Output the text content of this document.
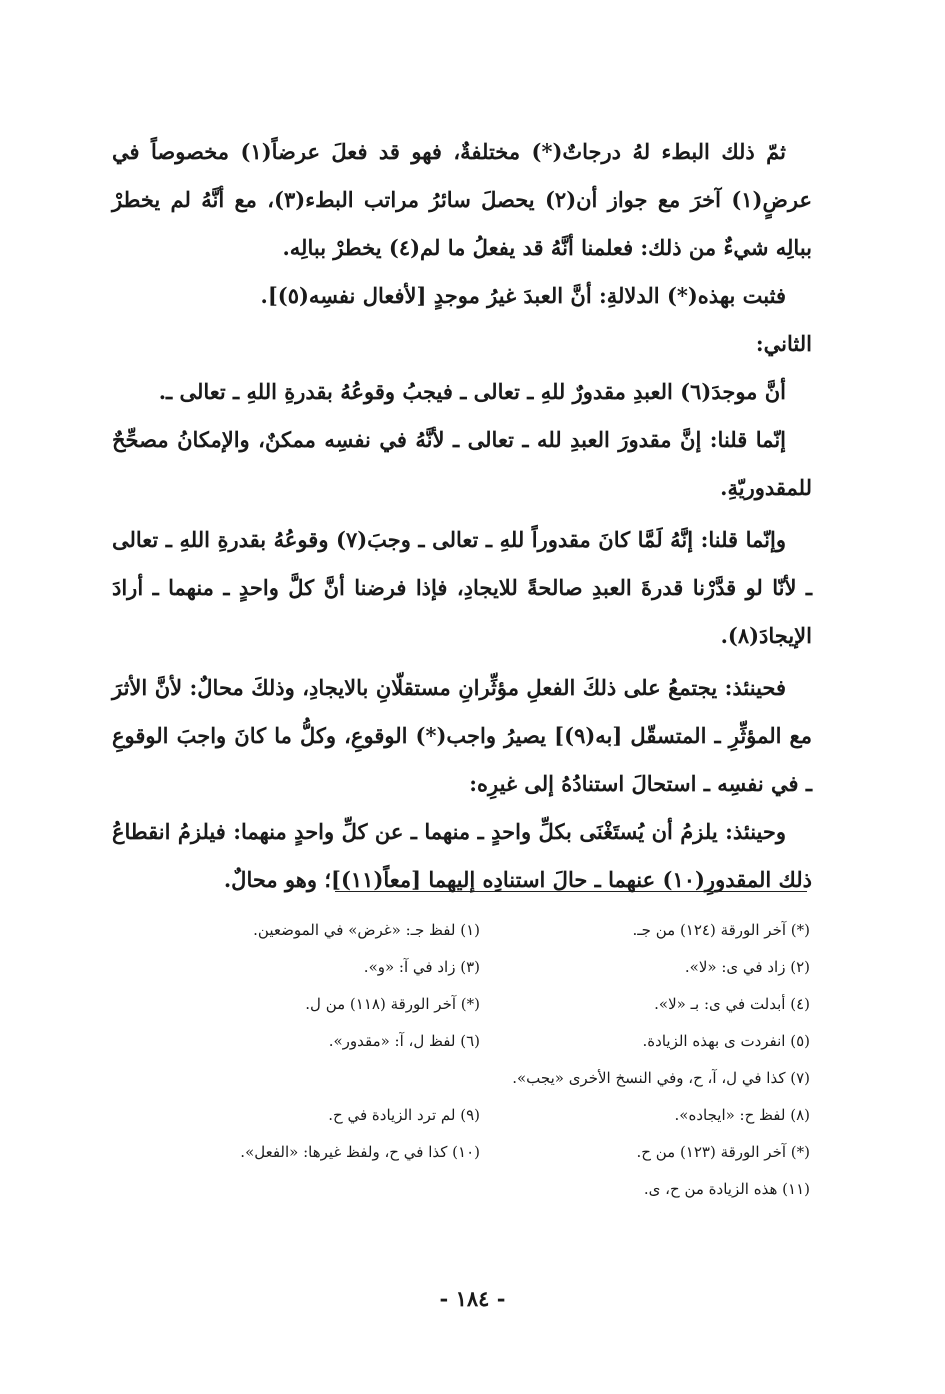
ثمّ ذلك البطء لهُ درجاتٌ(*) مختلفةٌ، فهو قد فعلَ عرضاً(١) مخصوصاً في عرضٍ(١) آخرَ مع جواز أن(٢) يحصلَ سائرُ مراتب البطء(٣)، مع أنَّهُ لم يخطرْ ببالِه شيءٌ من ذلك: فعلمنا أنَّهُ قد يفعلُ ما لم(٤) يخطرْ ببالِه.

فثبت بهذه(*) الدلالةِ: أنَّ العبدَ غيرُ موجدٍ [لأفعال نفسِه(٥)].

الثاني:

أنَّ موجدَ(٦) العبدِ مقدورٌ للهِ ـ تعالى ـ فيجبُ وقوعُهُ بقدرةِ اللهِ ـ تعالى ـ.

إنّما قلنا: إنَّ مقدورَ العبدِ لله ـ تعالى ـ لأنَّهُ في نفسِه ممكنٌ، والإمكانُ مصحِّحٌ للمقدوريّةِ.

وإنّما قلنا: إنَّهُ لَمَّا كانَ مقدوراً للهِ ـ تعالى ـ وجبَ(٧) وقوعُهُ بقدرةِ اللهِ ـ تعالى ـ لأنّا لو قدَّرْنا قدرةَ العبدِ صالحةً للايجادِ، فإذا فرضنا أنَّ كلَّ واحدٍ ـ منهما ـ أرادَ الإيجادَ(٨).

فحينئذ: يجتمعُ على ذلكَ الفعلِ مؤثِّرانِ مستقلّانِ بالايجادِ، وذلكَ محالٌ: لأنَّ الأثرَ مع المؤثِّرِ ـ المتسقّل [به(٩)] يصيرُ واجب(*) الوقوعِ، وكلُّ ما كانَ واجبَ الوقوعِ ـ في نفسِه ـ استحالَ استنادُهُ إلى غيرِه:

وحينئذ: يلزمُ أن يُستَغْنَى بكلِّ واحدٍ ـ منهما ـ عن كلِّ واحدٍ منهما: فيلزمُ انقطاعُ ذلك المقدورِ(١٠) عنهما ـ حالَ استنادِه إليهما [معاً(١١)]؛ وهو محالٌ.

(*) آخر الورقة (١٢٤) من جـ.
(١) لفظ جـ: «غرض» في الموضعين.
(٢) زاد في ى: «لا».
(٣) زاد في آ: «و».
(٤) أبدلت في ى: بـ «لا».
(*) آخر الورقة (١١٨) من ل.
(٥) انفردت ى بهذه الزيادة.
(٦) لفظ ل، آ: «مقدور».
(٧) كذا في ل، آ، ح، وفي النسخ الأخرى «يجب».
(٨) لفظ ح: «ايجاده».
(٩) لم ترد الزيادة في ح.
(*) آخر الورقة (١٢٣) من ح.
(١٠) كذا في ح، ولفظ غيرها: «الفعل».
(١١) هذه الزيادة من ح، ى.
- ١٨٤ -
